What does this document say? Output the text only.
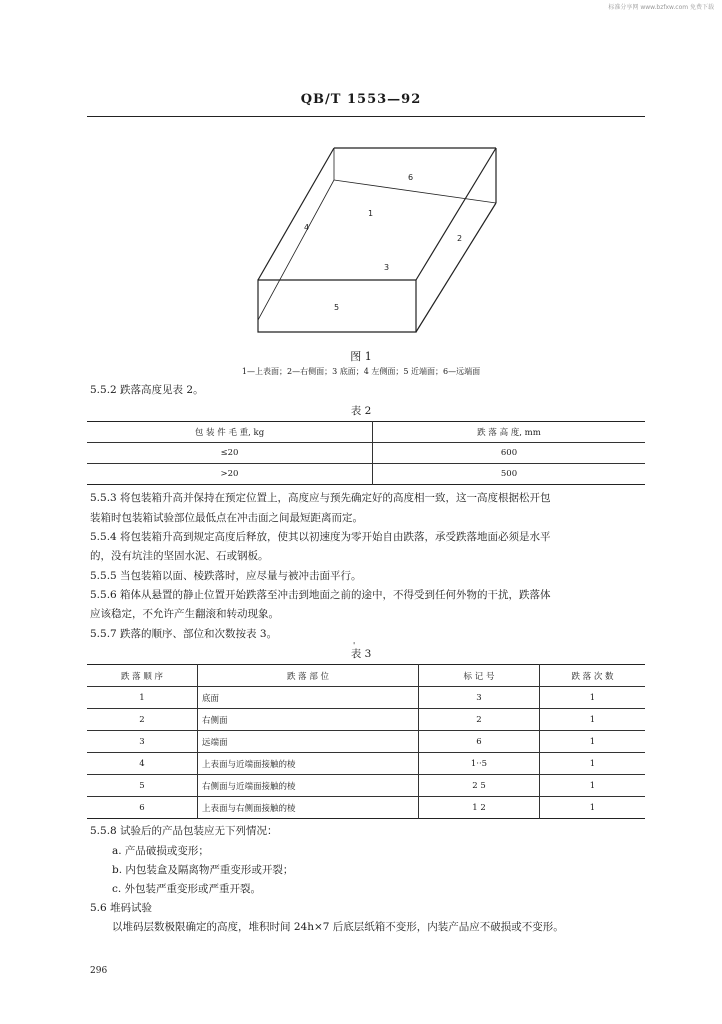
标准分享网 www.bzfxw.com 免费下载
QB/T 1553—92
6
1
4
2
3
5
图 1
1—上表面；2—右侧面；3 底面；4 左侧面；5 近端面；6—远端面
5.5.2 跌落高度见表 2。
表 2
包 装 件 毛 重, kg	跌 落 高 度, mm
≤20	600
>20	500
5.5.3 将包装箱升高并保持在预定位置上，高度应与预先确定好的高度相一致，这一高度根据松开包
装箱时包装箱试验部位最低点在冲击面之间最短距离而定。
5.5.4 将包装箱升高到规定高度后释放，使其以初速度为零开始自由跌落，承受跌落地面必须是水平
的，没有坑洼的坚固水泥、石或钢板。
5.5.5 当包装箱以面、棱跌落时，应尽量与被冲击面平行。
5.5.6 箱体从悬置的静止位置开始跌落至冲击到地面之前的途中，不得受到任何外物的干扰，跌落体
应该稳定，不允许产生翻滚和转动现象。
5.5.7 跌落的顺序、部位和次数按表 3。
'
表 3
跌 落 顺 序	跌 落 部 位	标 记 号	跌 落 次 数
1	底面	3	1
2	右侧面	2	1
3	远端面	6	1
4	上表面与近端面接触的棱	1··5	1
5	右侧面与近端面接触的棱	2 5	1
6	上表面与右侧面接触的棱	1 2	1
5.5.8 试验后的产品包装应无下列情况：
a. 产品破损或变形；
b. 内包装盒及隔离物严重变形或开裂；
c. 外包装严重变形或严重开裂。
5.6 堆码试验
以堆码层数极限确定的高度，堆积时间 24h×7 后底层纸箱不变形，内装产品应不破损或不变形。
296
